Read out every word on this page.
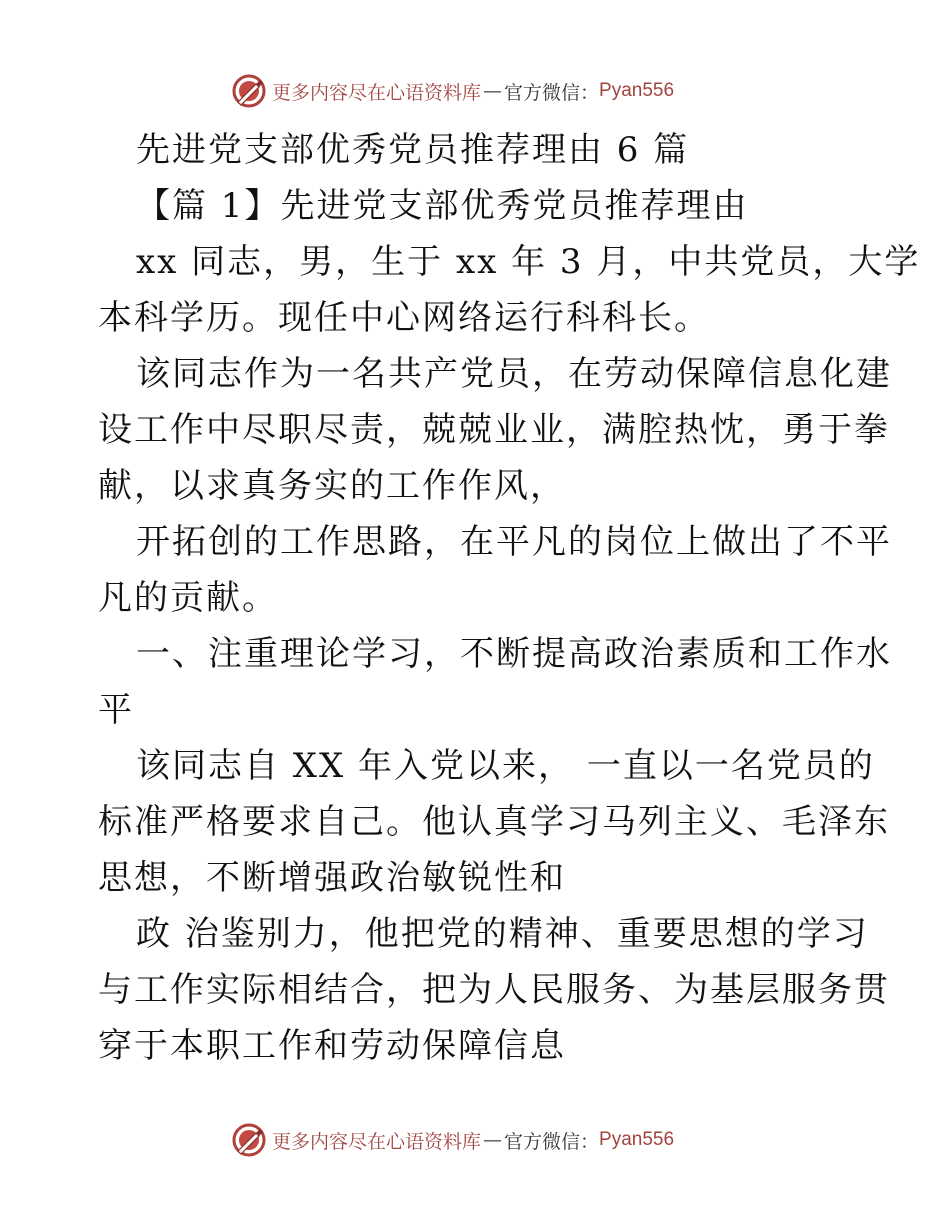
更多内容尽在心语资料库 — 官方微信： Pyan556
先进党支部优秀党员推荐理由 6 篇
【篇 1】先进党支部优秀党员推荐理由
xx 同志，男，生于 xx 年 3 月，中共党员，大学
本科学历。现任中心网络运行科科长。
该同志作为一名共产党员，在劳动保障信息化建
设工作中尽职尽责，兢兢业业，满腔热忱，勇于拳
献，以求真务实的工作作风，
开拓创的工作思路，在平凡的岗位上做出了不平
凡的贡献。
一、注重理论学习，不断提高政治素质和工作水
平
该同志自 XX 年入党以来， 一直以一名党员的
标准严格要求自己。他认真学习马列主义、毛泽东
思想，不断增强政治敏锐性和
政 治鉴别力，他把党的精神、重要思想的学习
与工作实际相结合，把为人民服务、为基层服务贯
穿于本职工作和劳动保障信息
更多内容尽在心语资料库 — 官方微信： Pyan556
